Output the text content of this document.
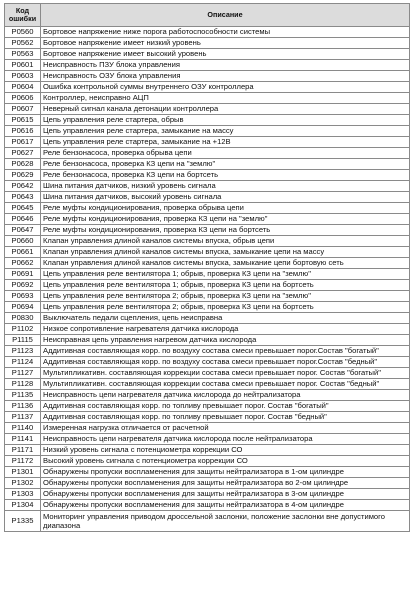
Код ошибки	Описание
P0560	Бортовое напряжение ниже порога работоспособности системы
P0562	Бортовое напряжение имеет низкий уровень
P0563	Бортовое напряжение имеет высокий уровень
P0601	Неисправность ПЗУ блока управления
P0603	Неисправность ОЗУ блока управления
P0604	Ошибка контрольной суммы внутреннего ОЗУ контроллера
P0606	Контроллер, неисправно АЦП
P0607	Неверный сигнал канала детонации контроллера
P0615	Цепь управления реле стартера, обрыв
P0616	Цепь управления реле стартера, замыкание на массу
P0617	Цепь управления реле стартера, замыкание на +12В
P0627	Реле бензонасоса, проверка обрыва цепи
P0628	Реле бензонасоса, проверка КЗ цепи на "землю"
P0629	Реле бензонасоса, проверка КЗ цепи на бортсеть
P0642	Шина питания датчиков, низкий уровень сигнала
P0643	Шина питания датчиков, высокий уровень сигнала
P0645	Реле муфты кондиционирования, проверка обрыва цепи
P0646	Реле муфты кондиционирования, проверка КЗ цепи на "землю"
P0647	Реле муфты кондиционирования, проверка КЗ цепи на бортсеть
P0660	Клапан управления длиной каналов системы впуска, обрыв цепи
P0661	Клапан управления длиной каналов системы впуска, замыкание цепи на массу
P0662	Клапан управления длиной каналов системы впуска, замыкание цепи бортовую сеть
P0691	Цепь управления реле вентилятора 1; обрыв, проверка КЗ цепи на "землю"
P0692	Цепь управления реле вентилятора 1; обрыв, проверка КЗ цепи на бортсеть
P0693	Цепь управления реле вентилятора 2; обрыв, проверка КЗ цепи на "землю"
P0694	Цепь управления реле вентилятора 2; обрыв, проверка КЗ цепи на бортсеть
P0830	Выключатель педали сцепления, цепь неисправна
P1102	Низкое сопротивление нагревателя датчика кислорода
P1115	Неисправная цепь управления нагревом датчика кислорода
P1123	Аддитивная составляющая корр. по воздуху состава смеси превышает порог.Состав "богатый"
P1124	Аддитивная составляющая корр. по воздуху состава смеси превышает порог.Состав "бедный"
P1127	Мультипликативн. составляющая коррекции состава смеси превышает порог. Состав "богатый"
P1128	Мультипликативн. составляющая коррекции состава смеси превышает порог. Состав "бедный"
P1135	Неисправность цепи нагревателя датчика кислорода до нейтрализатора
P1136	Аддитивная составляющая корр. по топливу превышает порог. Состав "богатый"
P1137	Аддитивная составляющая корр. по топливу превышает порог. Состав "бедный"
P1140	Измеренная нагрузка отличается от расчетной
P1141	Неисправность цепи нагревателя датчика кислорода после нейтрализатора
P1171	Низкий уровень сигнала с потенциометра коррекции СО
P1172	Высокий уровень сигнала с потенциометра коррекции СО
P1301	Обнаружены пропуски воспламенения для защиты нейтрализатора в 1-ом цилиндре
P1302	Обнаружены пропуски воспламенения для защиты нейтрализатора во 2-ом цилиндре
P1303	Обнаружены пропуски воспламенения для защиты нейтрализатора в 3-ом цилиндре
P1304	Обнаружены пропуски воспламенения для защиты нейтрализатора в 4-ом цилиндре
P1335	Мониторинг управления приводом дроссельной заслонки, положение заслонки вне допустимого диапазона
